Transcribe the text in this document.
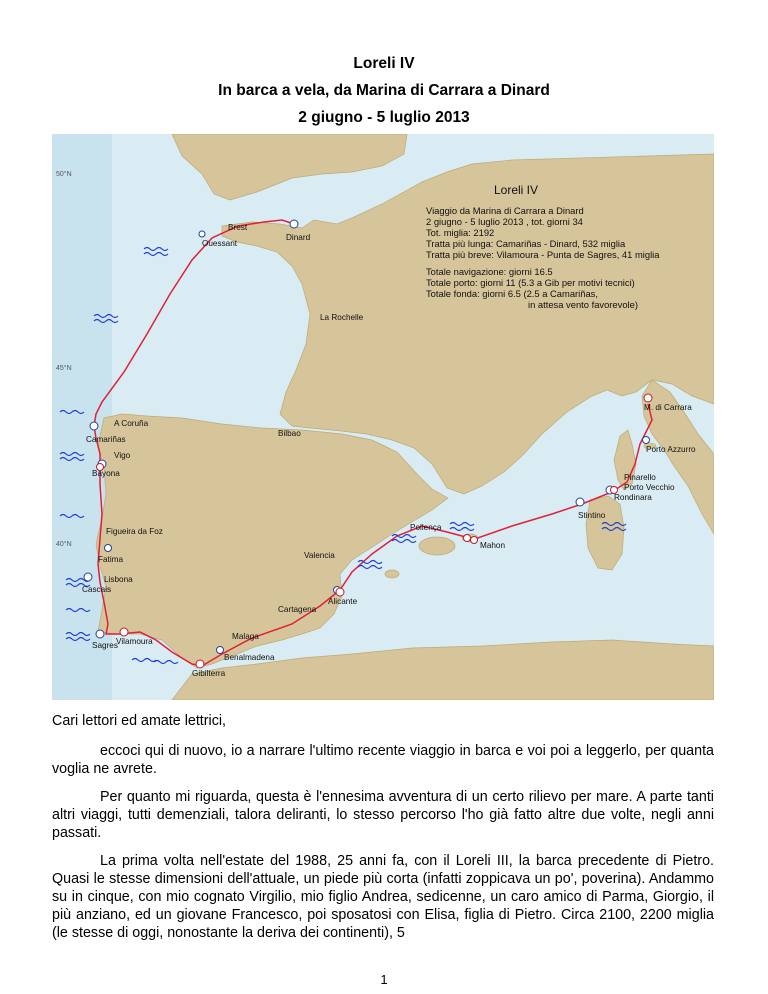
Loreli IV
In barca a vela, da Marina di Carrara a Dinard
2 giugno - 5 luglio 2013
50°N
45°N
40°N
Loreli IV
Viaggio da Marina di Carrara a Dinard
2 giugno - 5 luglio 2013 , tot. giorni 34
Tot. miglia: 2192
Tratta più lunga: Camariñas - Dinard, 532 miglia
Tratta più breve: Vilamoura - Punta de Sagres, 41 miglia
Totale navigazione: giorni 16.5
Totale porto: giorni 11 (5.3 a Gib per motivi tecnici)
Totale fonda: giorni 6.5 (2.5 a Camariñas,
in attesa vento favorevole)
Brest
Ouessant
Dinard
La Rochelle
A Coruña
Camariñas
Bilbao
Vigo
Bayona
Figueira da Foz
Fatima
Lisbona
Cascais
Sagres
Vilamoura
Gibilterra
Malaga
Benalmadena
Cartagena
Alicante
Valencia
Pollença
Mahon
Stintino
Pinarello
Porto Vecchio
Rondinara
Porto Azzurro
M. di Carrara

Cari lettori ed amate lettrici,

eccoci qui di nuovo, io a narrare l'ultimo recente viaggio in barca e voi poi a leggerlo, per quanta voglia ne avrete.

Per quanto mi riguarda, questa è l'ennesima avventura di un certo rilievo per mare. A parte tanti altri viaggi, tutti demenziali, talora deliranti, lo stesso percorso l'ho già fatto altre due volte, negli anni passati.

La prima volta nell'estate del 1988, 25 anni fa, con il Loreli III, la barca precedente di Pietro. Quasi le stesse dimensioni dell'attuale, un piede più corta (infatti zoppicava un po', poverina). Andammo su in cinque, con mio cognato Virgilio, mio figlio Andrea, sedicenne, un caro amico di Parma, Giorgio, il più anziano, ed un giovane Francesco, poi sposatosi con Elisa, figlia di Pietro. Circa 2100, 2200 miglia (le stesse di oggi, nonostante la deriva dei continenti), 5

1
